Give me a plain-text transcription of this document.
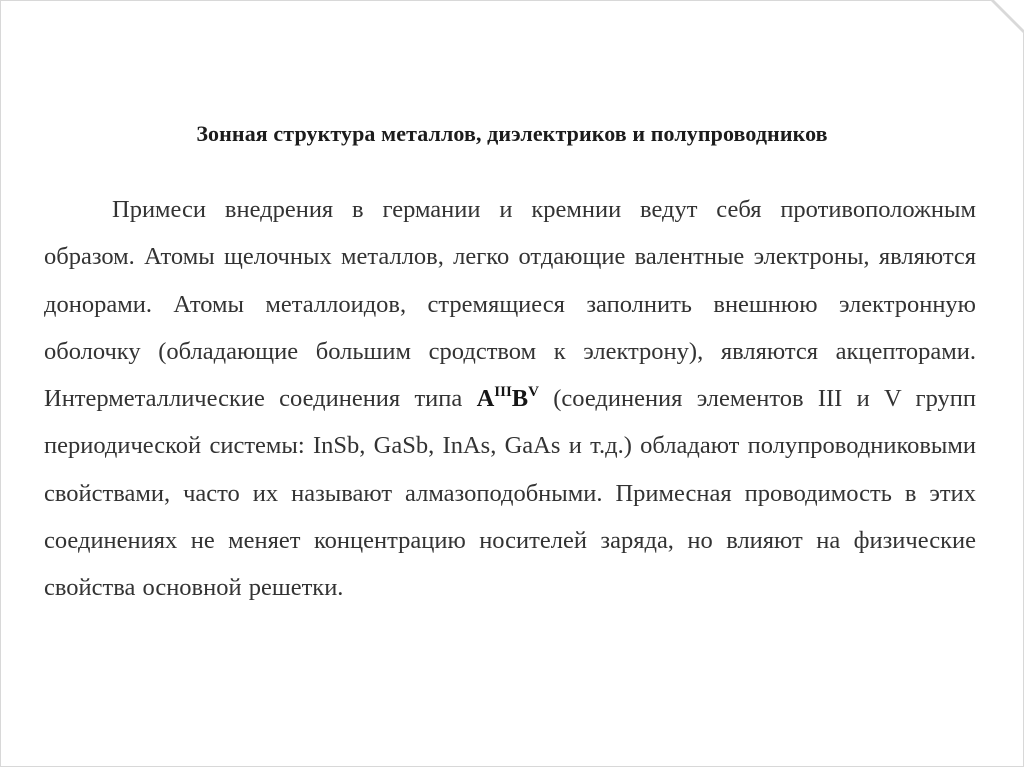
Зонная структура металлов, диэлектриков и полупроводников

Примеси внедрения в германии и кремнии ведут себя противоположным образом. Атомы щелочных металлов, легко отдающие валентные электроны, являются донорами. Атомы металлоидов, стремящиеся заполнить внешнюю электронную оболочку (обладающие большим сродством к электрону), являются акцепторами. Интерметаллические соединения типа $A^{III}B^V$ (соединения элементов III и V групп периодической системы: InSb, GaSb, InAs, GaAs и т.д.) обладают полупроводниковыми свойствами, часто их называют алмазоподобными. Примесная проводимость в этих соединениях не меняет концентрацию носителей заряда, но влияют на физические свойства основной решетки.
